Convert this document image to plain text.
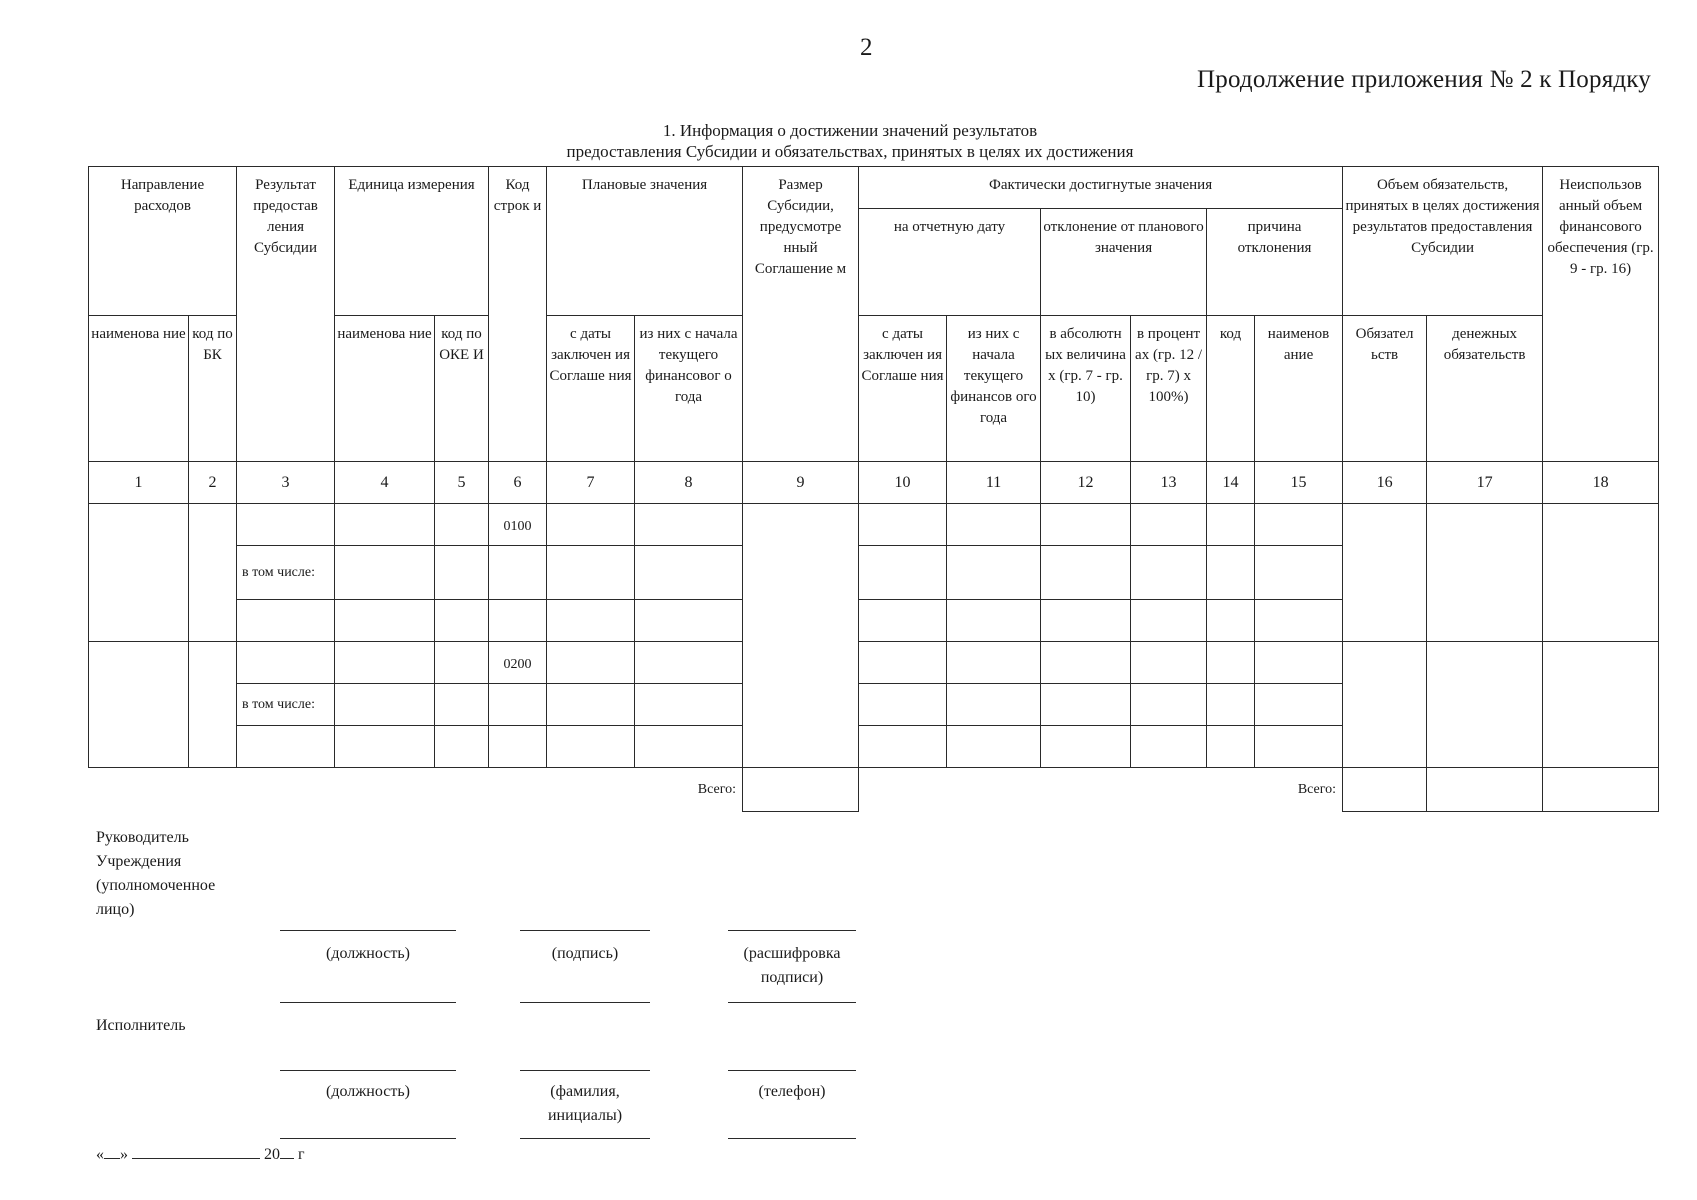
2
Продолжение приложения № 2 к Порядку
1. Информация о достижении значений результатов
предоставления Субсидии и обязательствах, принятых в целях их достижения
Направление расходов		Результат предостав ления Субсидии	Единица измерения		Код строк и	Плановые значения		Размер Субсидии, предусмотре нный Соглашение м	Фактически достигнутые значения						Объем обязательств, принятых в целях достижения результатов предоставления Субсидии		Неиспользов анный объем финансового обеспечения (гр. 9 - гр. 16)
									на отчетную дату		отклонение от планового значения		причина отклонения				
наименова ние	код по БК		наименова ние	код по ОКЕ И		с даты заключен ия Соглаше ния	из них с начала текущего финансовог о года		с даты заключен ия Соглаше ния	из них с начала текущего финансов ого года	в абсолютн ых величина х (гр. 7 - гр. 10)	в процент ах (гр. 12 / гр. 7) x 100%)	код	наименов ание	Обязател ьств	денежных обязательств	
1	2	3	4	5	6	7	8	9	10	11	12	13	14	15	16	17	18
					0100												
		в том числе:															

					0200												
		в том числе:															

Всего:									Всего:								
Руководитель Учреждения (уполномоченное лицо)
(должность)	(подпись)	(расшифровка подписи)
Исполнитель
(должность)	(фамилия, инициалы)
(телефон)
« »	20 г
